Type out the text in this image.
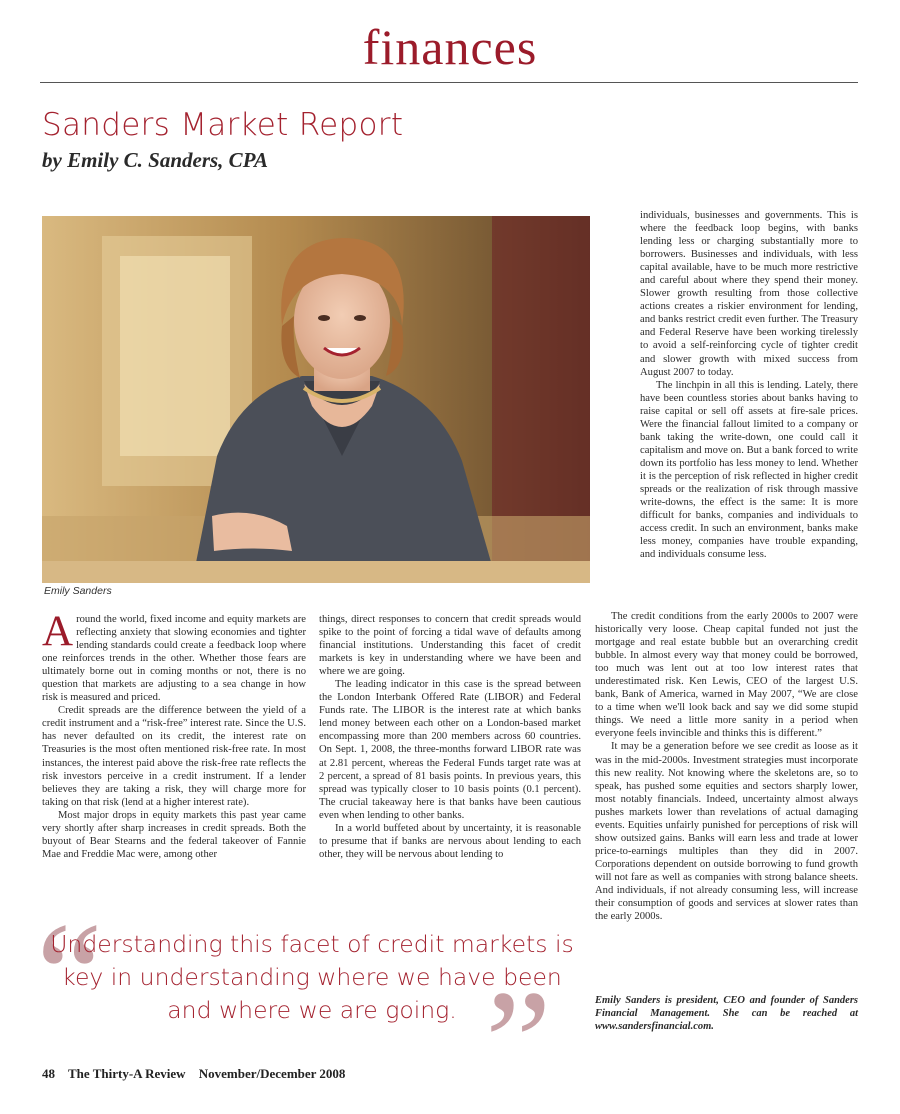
finances
Sanders Market Report
by Emily C. Sanders, CPA
Emily Sanders

Around the world, fixed income and equity markets are reflecting anxiety that slowing economies and tighter lending standards could create a feedback loop where one reinforces trends in the other. Whether those fears are ultimately borne out in coming months or not, there is no question that markets are adjusting to a sea change in how risk is measured and priced.

Credit spreads are the difference between the yield of a credit instrument and a “risk-free” interest rate. Since the U.S. has never defaulted on its credit, the interest rate on Treasuries is the most often mentioned risk-free rate. In most instances, the interest paid above the risk-free rate reflects the risk investors perceive in a credit instrument. If a lender believes they are taking a risk, they will charge more for taking on that risk (lend at a higher interest rate).

Most major drops in equity markets this past year came very shortly after sharp increases in credit spreads. Both the buyout of Bear Stearns and the federal takeover of Fannie Mae and Freddie Mac were, among other

things, direct responses to concern that credit spreads would spike to the point of forcing a tidal wave of defaults among financial institutions. Understanding this facet of credit markets is key in understanding where we have been and where we are going.

The leading indicator in this case is the spread between the London Interbank Offered Rate (LIBOR) and Federal Funds rate. The LIBOR is the interest rate at which banks lend money between each other on a London-based market encompassing more than 200 members across 60 countries. On Sept. 1, 2008, the three-months forward LIBOR rate was at 2.81 percent, whereas the Federal Funds target rate was at 2 percent, a spread of 81 basis points. In previous years, this spread was typically closer to 10 basis points (0.1 percent). The crucial takeaway here is that banks have been cautious even when lending to other banks.

In a world buffeted about by uncertainty, it is reasonable to presume that if banks are nervous about lending to each other, they will be nervous about lending to

individuals, businesses and governments. This is where the feedback loop begins, with banks lending less or charging substantially more to borrowers. Businesses and individuals, with less capital available, have to be much more restrictive and careful about where they spend their money. Slower growth resulting from those collective actions creates a riskier environment for lending, and banks restrict credit even further. The Treasury and Federal Reserve have been working tirelessly to avoid a self-reinforcing cycle of tighter credit and slower growth with mixed success from August 2007 to today.

The linchpin in all this is lending. Lately, there have been countless stories about banks having to raise capital or sell off assets at fire-sale prices. Were the financial fallout limited to a company or bank taking the write-down, one could call it capitalism and move on. But a bank forced to write down its portfolio has less money to lend. Whether it is the perception of risk reflected in higher credit spreads or the realization of risk through massive write-downs, the effect is the same: It is more difficult for banks, companies and individuals to access credit. In such an environment, banks make less money, companies have trouble expanding, and individuals consume less.

The credit conditions from the early 2000s to 2007 were historically very loose. Cheap capital funded not just the mortgage and real estate bubble but an overarching credit bubble. In almost every way that money could be borrowed, too much was lent out at too low interest rates that underestimated risk. Ken Lewis, CEO of the largest U.S. bank, Bank of America, warned in May 2007, “We are close to a time when we'll look back and say we did some stupid things. We need a little more sanity in a period when everyone feels invincible and thinks this is different.”

It may be a generation before we see credit as loose as it was in the mid-2000s. Investment strategies must incorporate this new reality. Not knowing where the skeletons are, so to speak, has pushed some equities and sectors sharply lower, most notably financials. Indeed, uncertainty almost always pushes markets lower than revelations of actual damaging events. Equities unfairly punished for perceptions of risk will show outsized gains. Banks will earn less and trade at lower price-to-earnings multiples than they did in 2007. Corporations dependent on outside borrowing to fund growth will not fare as well as companies with strong balance sheets. And individuals, if not already consuming less, will increase their consumption of goods and services at slower rates than the early 2000s.

Emily Sanders is president, CEO and founder of Sanders Financial Management. She can be reached at www.sandersfinancial.com.
“	”
Understanding this facet of credit markets is key in understanding where we have been and where we are going.
48 The Thirty-A Review November/December 2008
